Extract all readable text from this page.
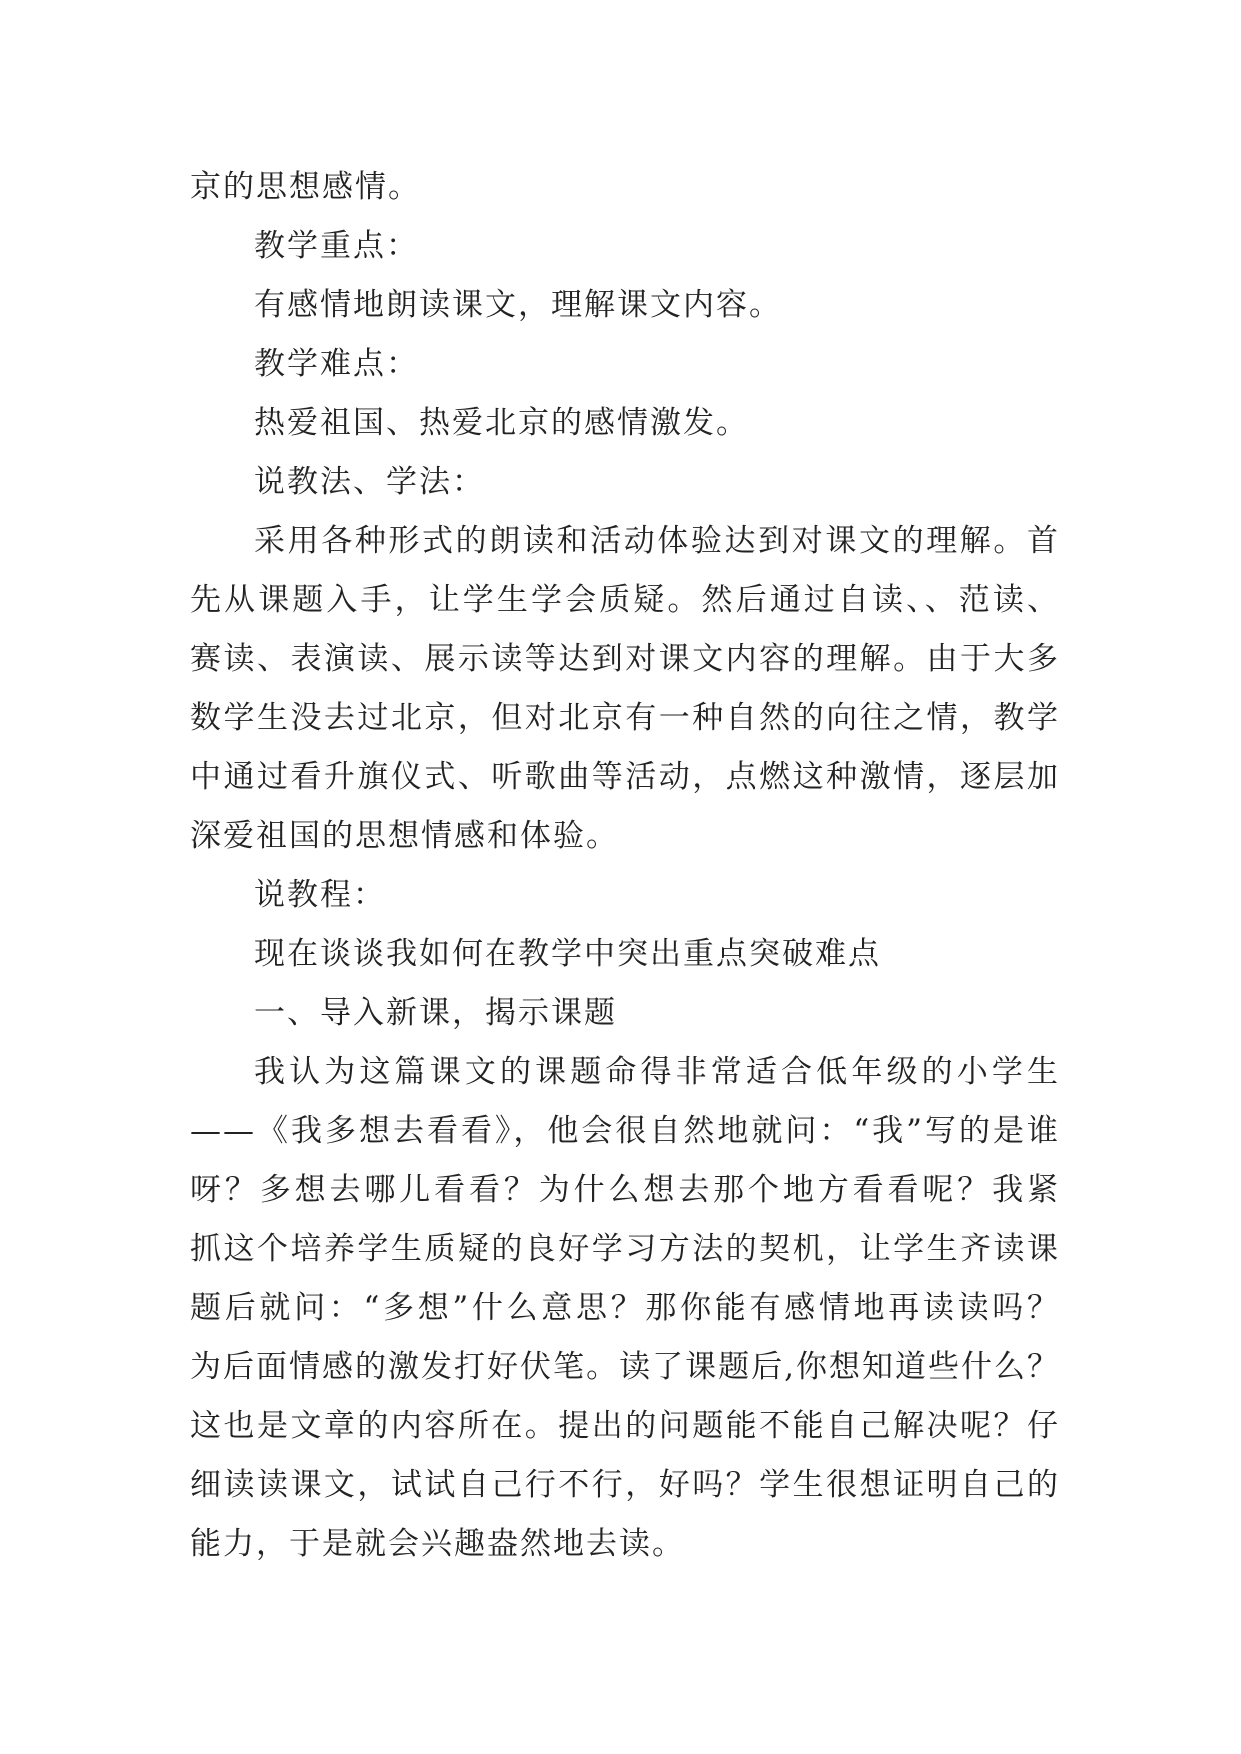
京的思想感情。
教学重点：
有感情地朗读课文，理解课文内容。
教学难点：
热爱祖国、热爱北京的感情激发。
说教法、学法：
采用各种形式的朗读和活动体验达到对课文的理解。首
先从课题入手，让学生学会质疑。然后通过自读、、范读、
赛读、表演读、展示读等达到对课文内容的理解。由于大多
数学生没去过北京，但对北京有一种自然的向往之情，教学
中通过看升旗仪式、听歌曲等活动，点燃这种激情，逐层加
深爱祖国的思想情感和体验。
说教程：
现在谈谈我如何在教学中突出重点突破难点
一、导入新课，揭示课题
我认为这篇课文的课题命得非常适合低年级的小学生
——《我多想去看看》，他会很自然地就问：“我”写的是谁
呀？多想去哪儿看看？为什么想去那个地方看看呢？我紧
抓这个培养学生质疑的良好学习方法的契机，让学生齐读课
题后就问：“多想”什么意思？那你能有感情地再读读吗？
为后面情感的激发打好伏笔。读了课题后,你想知道些什么？
这也是文章的内容所在。提出的问题能不能自己解决呢？仔
细读读课文，试试自己行不行，好吗？学生很想证明自己的
能力，于是就会兴趣盎然地去读。
